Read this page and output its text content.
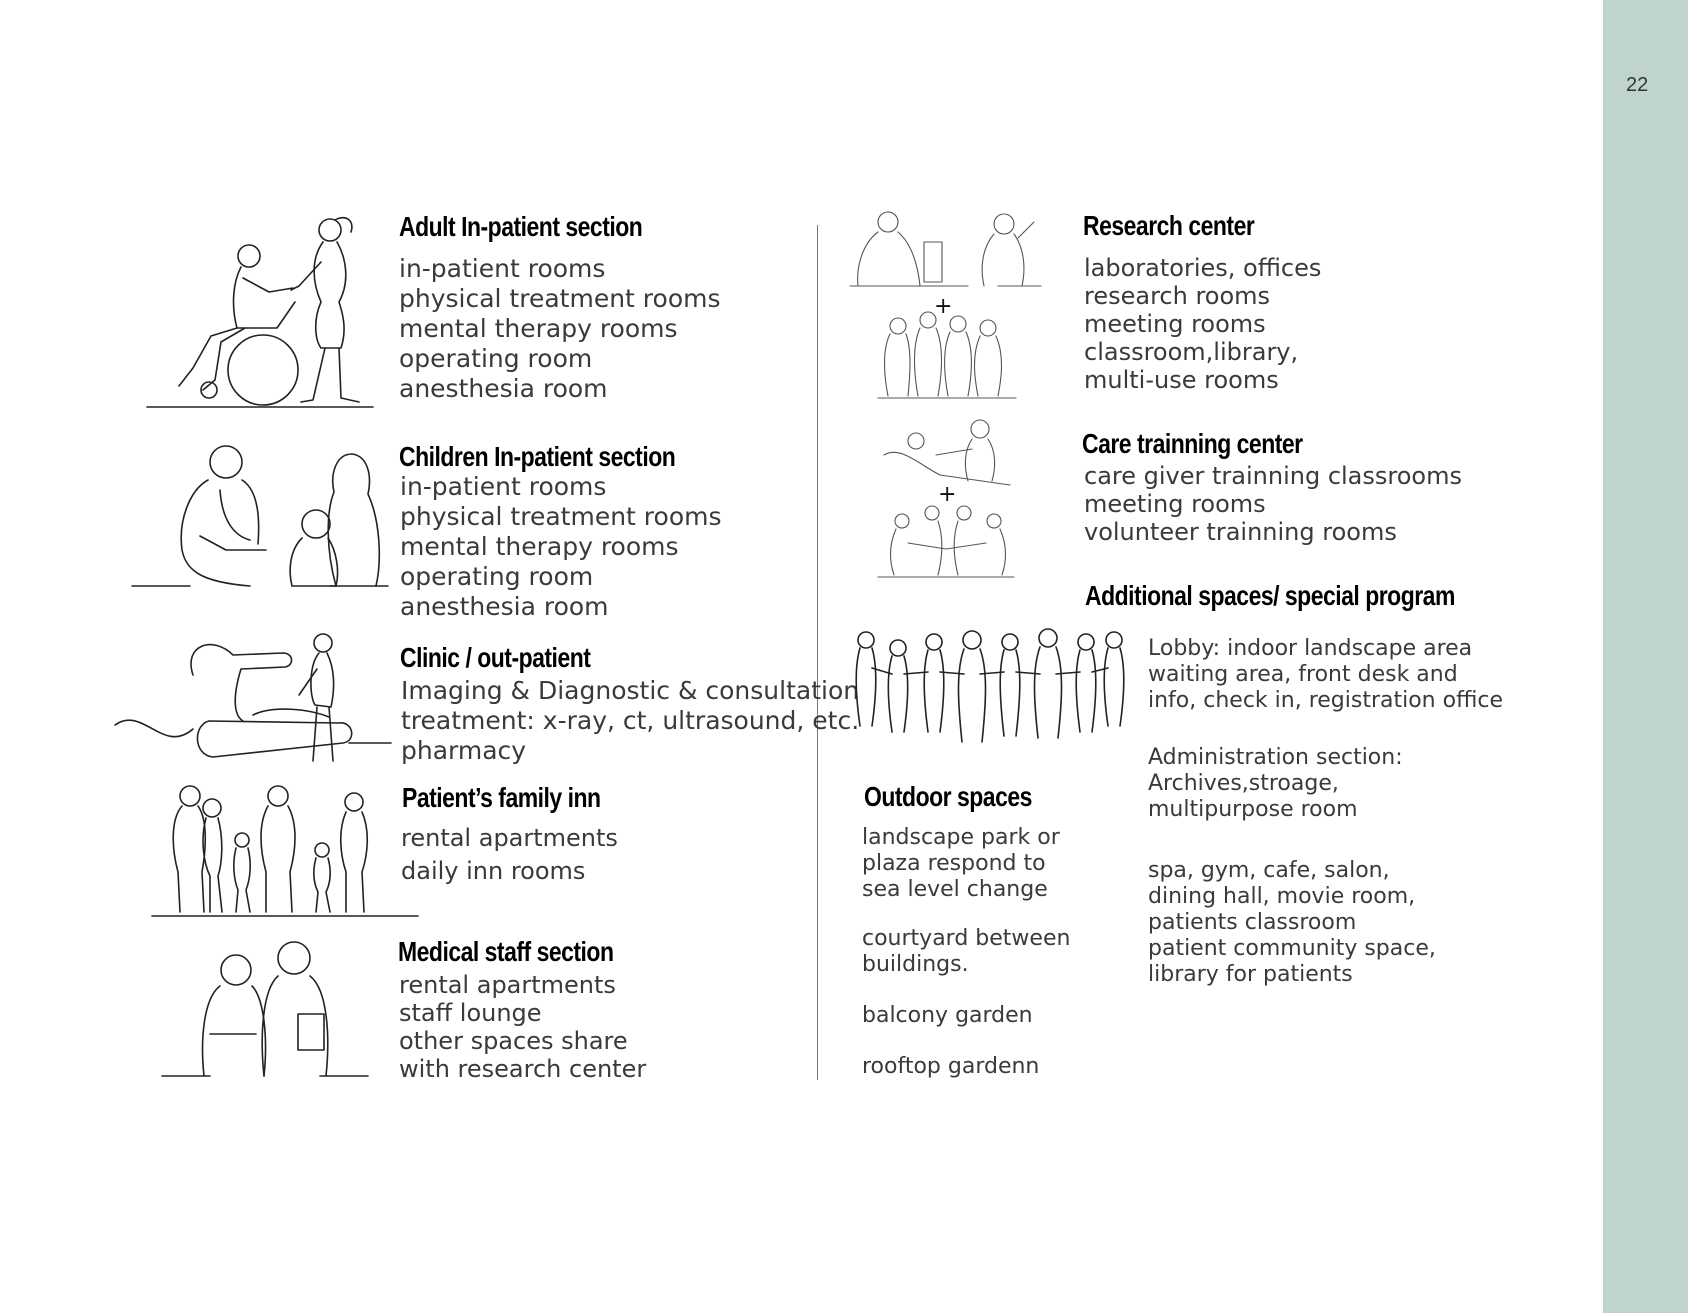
22
Adult In-patient section
in-patient rooms
physical treatment rooms
mental therapy rooms
operating room
anesthesia room
Children In-patient section
in-patient rooms
physical treatment rooms
mental therapy rooms
operating room
anesthesia room
Clinic / out-patient
Imaging & Diagnostic & consultation
treatment: x-ray, ct, ultrasound, etc.
pharmacy
Patient’s family inn
rental apartments
daily inn rooms
Medical staff section
rental apartments
staff lounge
other spaces share
with research center
+
Research center
laboratories, offices
research rooms
meeting rooms
classroom,library,
multi-use rooms
+
Care trainning center
care giver trainning classrooms
meeting rooms
volunteer trainning rooms
Additional spaces/ special program

Lobby: indoor landscape area

waiting area, front desk and

info, check in, registration office

Administration section:

Archives,stroage,

multipurpose room

spa, gym, cafe, salon,

dining hall, movie room,

patients classroom

patient community space,

library for patients

Outdoor spaces

landscape park or

plaza respond to

sea level change

courtyard between

buildings.

balcony garden

rooftop gardenn
